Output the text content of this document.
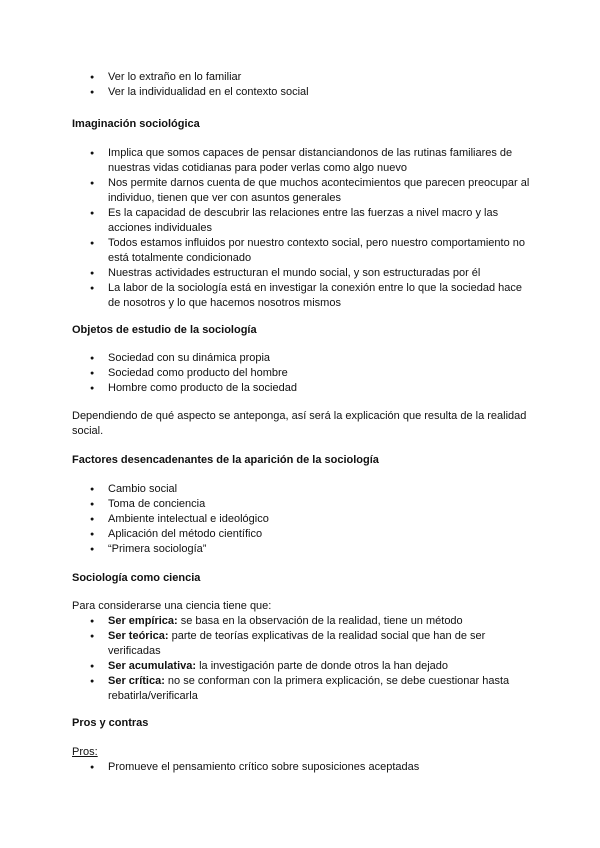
● Ver lo extraño en lo familiar
● Ver la individualidad en el contexto social
Imaginación sociológica
● Implica que somos capaces de pensar distanciandonos de las rutinas familiares de nuestras vidas cotidianas para poder verlas como algo nuevo
● Nos permite darnos cuenta de que muchos acontecimientos que parecen preocupar al individuo, tienen que ver con asuntos generales
● Es la capacidad de descubrir las relaciones entre las fuerzas a nivel macro y las acciones individuales
● Todos estamos influidos por nuestro contexto social, pero nuestro comportamiento no está totalmente condicionado
● Nuestras actividades estructuran el mundo social, y son estructuradas por él
● La labor de la sociología está en investigar la conexión entre lo que la sociedad hace de nosotros y lo que hacemos nosotros mismos
Objetos de estudio de la sociología
● Sociedad con su dinámica propia
● Sociedad como producto del hombre
● Hombre como producto de la sociedad

Dependiendo de qué aspecto se anteponga, así será la explicación que resulta de la realidad social.

Factores desencadenantes de la aparición de la sociología
● Cambio social
● Toma de conciencia
● Ambiente intelectual e ideológico
● Aplicación del método científico
● “Primera sociología”
Sociología como ciencia

Para considerarse una ciencia tiene que:

● Ser empírica: se basa en la observación de la realidad, tiene un método
● Ser teórica: parte de teorías explicativas de la realidad social que han de ser verificadas
● Ser acumulativa: la investigación parte de donde otros la han dejado
● Ser crítica: no se conforman con la primera explicación, se debe cuestionar hasta rebatirla/verificarla
Pros y contras
Pros:
● Promueve el pensamiento crítico sobre suposiciones aceptadas
